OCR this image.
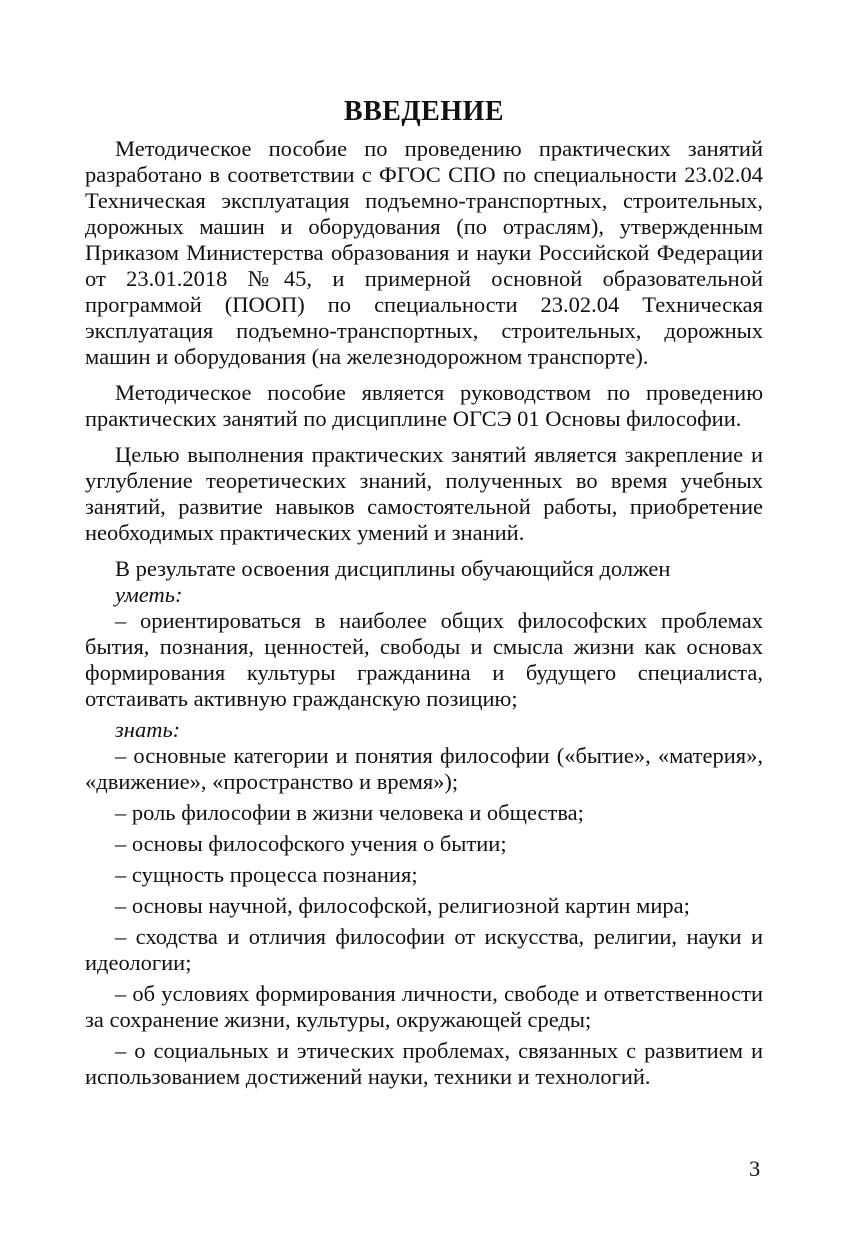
ВВЕДЕНИЕ

Методическое пособие по проведению практических занятий разработано в соответствии с ФГОС СПО по специальности 23.02.04 Техническая эксплуатация подъемно-транспортных, строительных, дорожных машин и оборудования (по отраслям), утвержденным Приказом Министерства образования и науки Российской Федерации от 23.01.2018 №45, и примерной основной образовательной программой (ПООП) по специальности 23.02.04 Техническая эксплуатация подъемно-транспортных, строительных, дорожных машин и оборудования (на железнодорожном транспорте).

Методическое пособие является руководством по проведению практических занятий по дисциплине ОГСЭ 01 Основы философии.

Целью выполнения практических занятий является закрепление и углубление теоретических знаний, полученных во время учебных занятий, развитие навыков самостоятельной работы, приобретение необходимых практических умений и знаний.

В результате освоения дисциплины обучающийся должен

уметь:

– ориентироваться в наиболее общих философских проблемах бытия, познания, ценностей, свободы и смысла жизни как основах формирования культуры гражданина и будущего специалиста, отстаивать активную гражданскую позицию;

знать:

– основные категории и понятия философии («бытие», «материя», «движение», «пространство и время»);
– роль философии в жизни человека и общества;
– основы философского учения о бытии;
– сущность процесса познания;
– основы научной, философской, религиозной картин мира;
– сходства и отличия философии от искусства, религии, науки и идеологии;
– об условиях формирования личности, свободе и ответственности за сохранение жизни, культуры, окружающей среды;
– о социальных и этических проблемах, связанных с развитием и использованием достижений науки, техники и технологий.
3
